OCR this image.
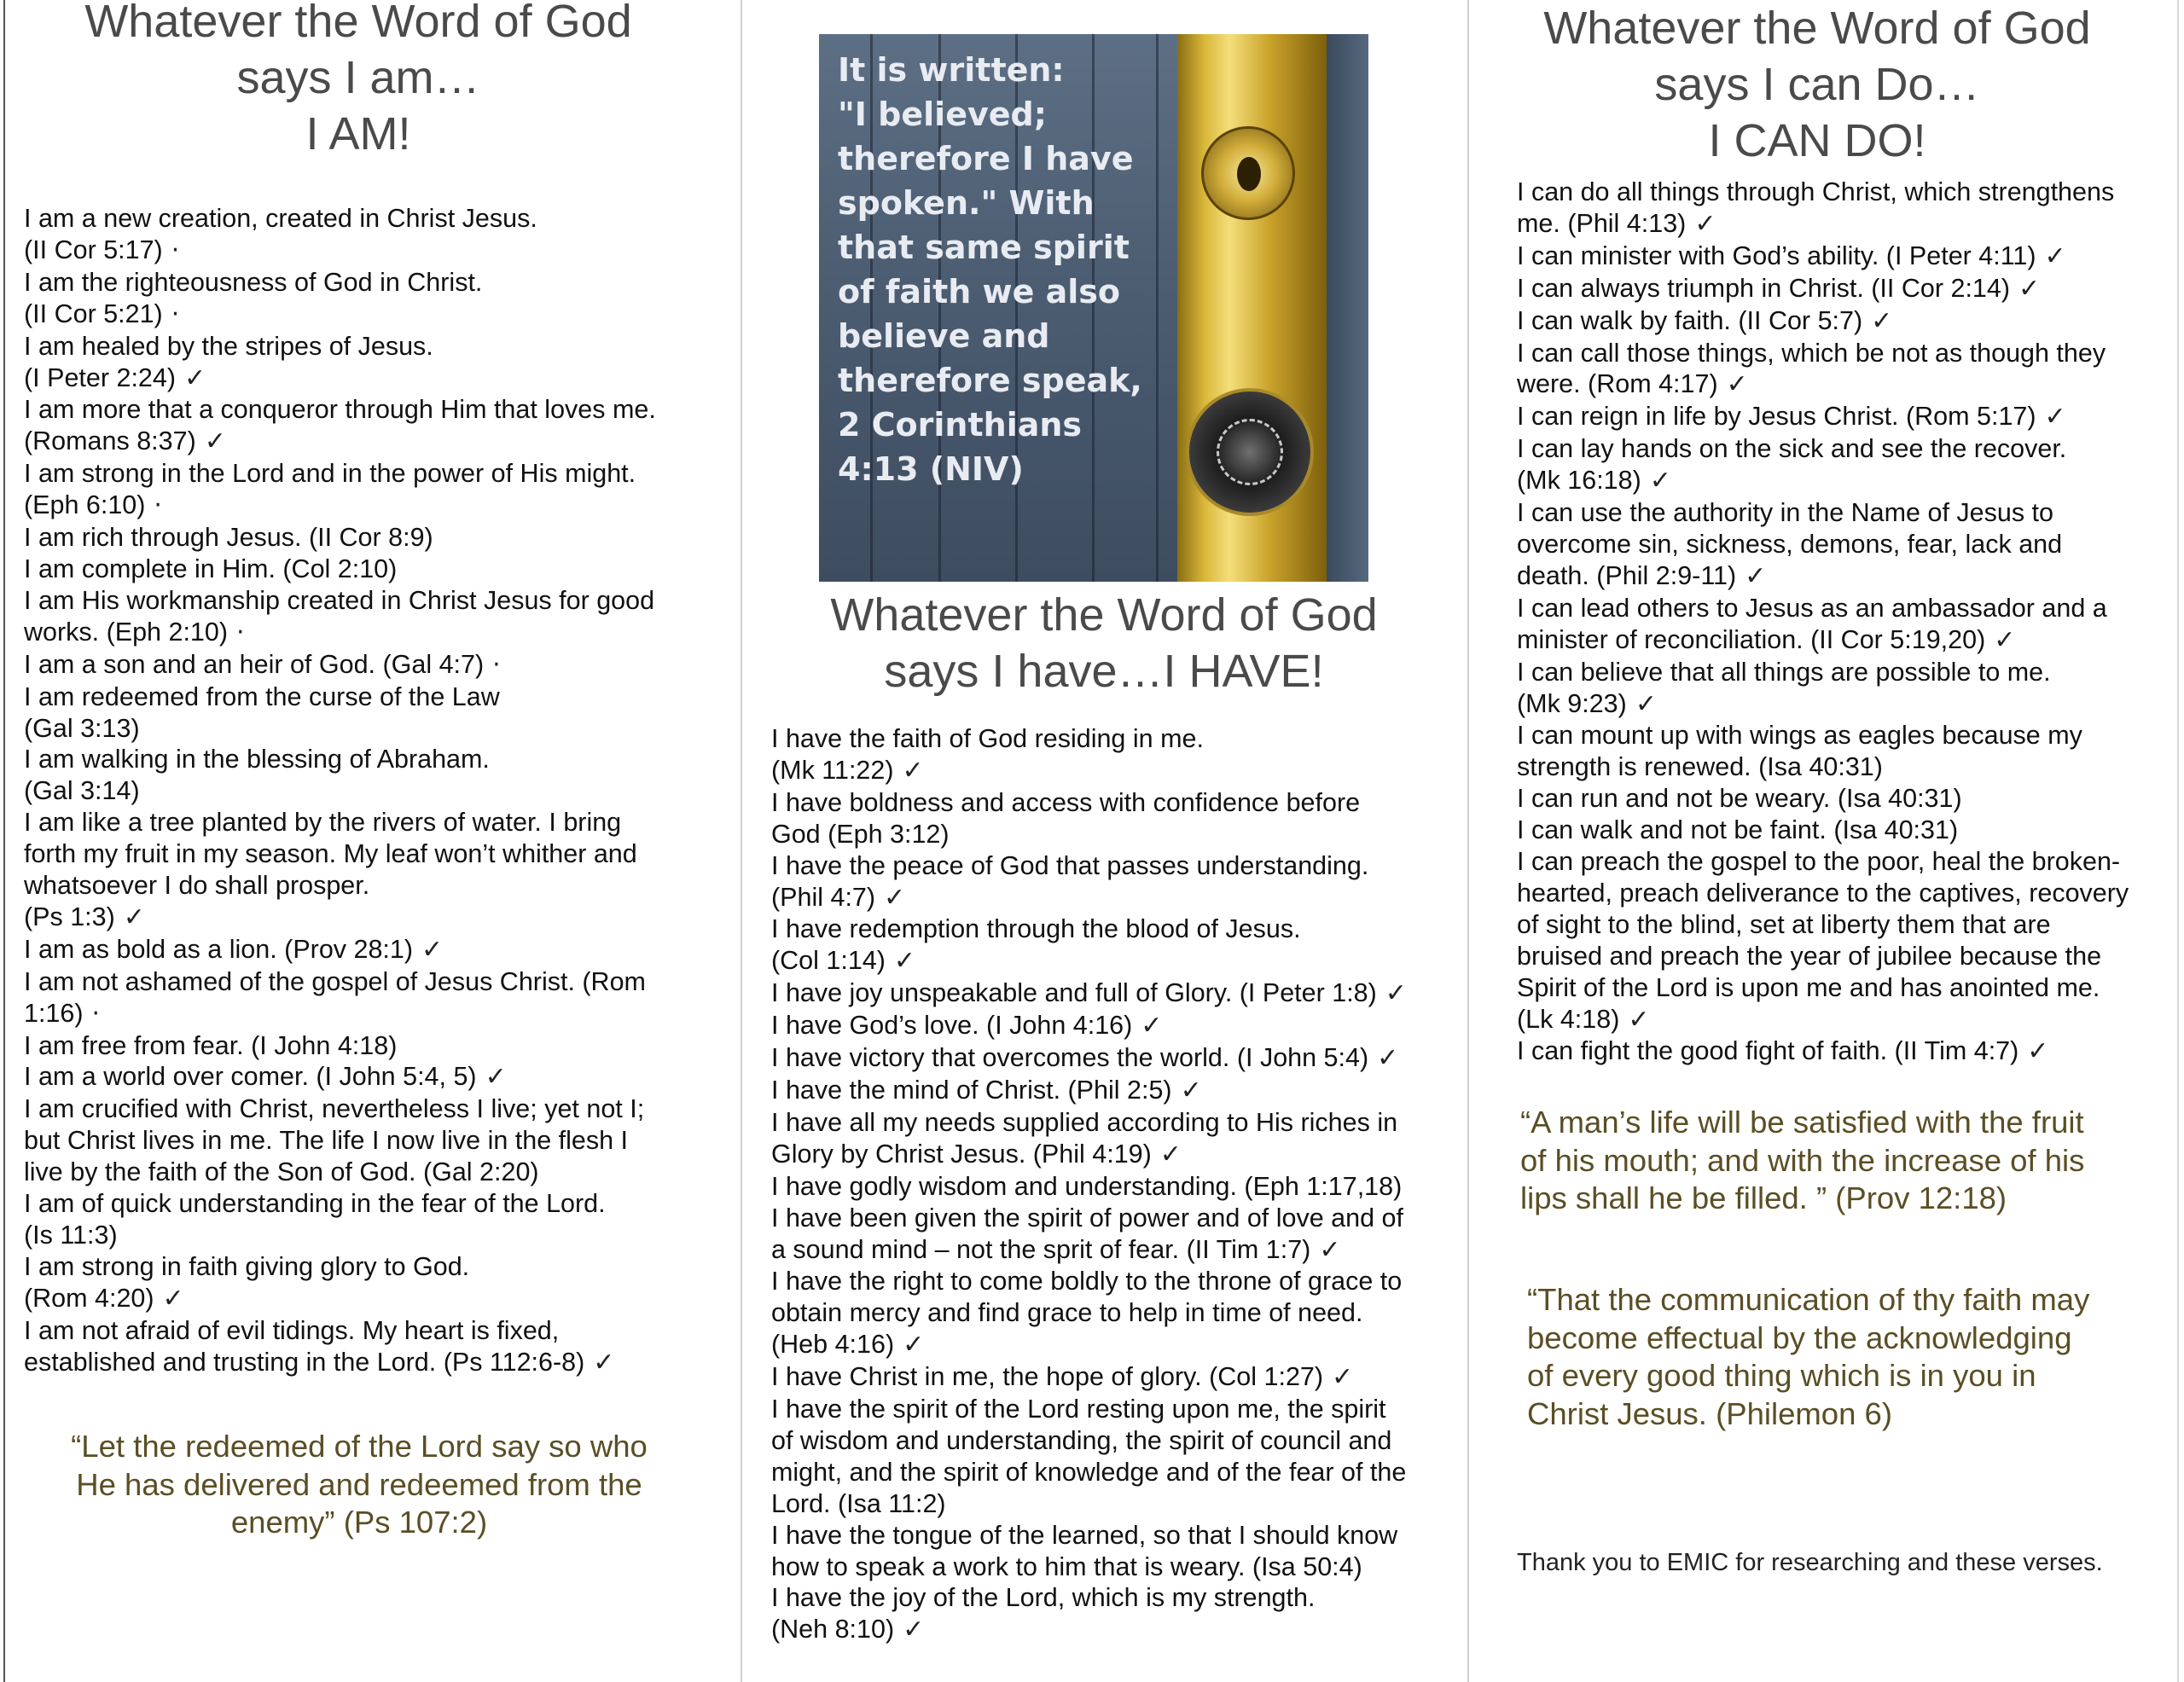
Whatever the Word of God
says I am…
I AM!
I am a new creation, created in Christ Jesus.
(II Cor 5:17) ·
I am the righteousness of God in Christ.
(II Cor 5:21) ·
I am healed by the stripes of Jesus.
(I Peter 2:24) ✓
I am more that a conqueror through Him that loves me.
(Romans 8:37) ✓
I am strong in the Lord and in the power of His might.
(Eph 6:10) ·
I am rich through Jesus. (II Cor 8:9)
I am complete in Him. (Col 2:10)
I am His workmanship created in Christ Jesus for good
works. (Eph 2:10) ·
I am a son and an heir of God. (Gal 4:7) ·
I am redeemed from the curse of the Law
(Gal 3:13)
I am walking in the blessing of Abraham.
(Gal 3:14)
I am like a tree planted by the rivers of water. I bring
forth my fruit in my season. My leaf won’t whither and
whatsoever I do shall prosper.
(Ps 1:3) ✓
I am as bold as a lion. (Prov 28:1) ✓
I am not ashamed of the gospel of Jesus Christ. (Rom
1:16) ·
I am free from fear. (I John 4:18)
I am a world over comer. (I John 5:4, 5) ✓
I am crucified with Christ, nevertheless I live; yet not I;
but Christ lives in me. The life I now live in the flesh I
live by the faith of the Son of God. (Gal 2:20)
I am of quick understanding in the fear of the Lord.
(Is 11:3)
I am strong in faith giving glory to God.
(Rom 4:20) ✓
I am not afraid of evil tidings. My heart is fixed,
established and trusting in the Lord. (Ps 112:6-8) ✓
“Let the redeemed of the Lord say so who
He has delivered and redeemed from the
enemy” (Ps 107:2)
It is written:
"I believed;
therefore I have
spoken." With
that same spirit
of faith we also
believe and
therefore speak,
2 Corinthians
4:13 (NIV)
Whatever the Word of God
says I have…I HAVE!
I have the faith of God residing in me.
(Mk 11:22) ✓
I have boldness and access with confidence before
God (Eph 3:12)
I have the peace of God that passes understanding.
(Phil 4:7) ✓
I have redemption through the blood of Jesus.
(Col 1:14) ✓
I have joy unspeakable and full of Glory. (I Peter 1:8) ✓
I have God’s love. (I John 4:16) ✓
I have victory that overcomes the world. (I John 5:4) ✓
I have the mind of Christ. (Phil 2:5) ✓
I have all my needs supplied according to His riches in
Glory by Christ Jesus. (Phil 4:19) ✓
I have godly wisdom and understanding. (Eph 1:17,18)
I have been given the spirit of power and of love and of
a sound mind – not the sprit of fear. (II Tim 1:7) ✓
I have the right to come boldly to the throne of grace to
obtain mercy and find grace to help in time of need.
(Heb 4:16) ✓
I have Christ in me, the hope of glory. (Col 1:27) ✓
I have the spirit of the Lord resting upon me, the spirit
of wisdom and understanding, the spirit of council and
might, and the spirit of knowledge and of the fear of the
Lord. (Isa 11:2)
I have the tongue of the learned, so that I should know
how to speak a work to him that is weary. (Isa 50:4)
I have the joy of the Lord, which is my strength.
(Neh 8:10) ✓
Whatever the Word of God
says I can Do…
I CAN DO!
I can do all things through Christ, which strengthens
me. (Phil 4:13) ✓
I can minister with God’s ability. (I Peter 4:11) ✓
I can always triumph in Christ. (II Cor 2:14) ✓
I can walk by faith. (II Cor 5:7) ✓
I can call those things, which be not as though they
were. (Rom 4:17) ✓
I can reign in life by Jesus Christ. (Rom 5:17) ✓
I can lay hands on the sick and see the recover.
(Mk 16:18) ✓
I can use the authority in the Name of Jesus to
overcome sin, sickness, demons, fear, lack and
death. (Phil 2:9-11) ✓
I can lead others to Jesus as an ambassador and a
minister of reconciliation. (II Cor 5:19,20) ✓
I can believe that all things are possible to me.
(Mk 9:23) ✓
I can mount up with wings as eagles because my
strength is renewed. (Isa 40:31)
I can run and not be weary. (Isa 40:31)
I can walk and not be faint. (Isa 40:31)
I can preach the gospel to the poor, heal the broken-
hearted, preach deliverance to the captives, recovery
of sight to the blind, set at liberty them that are
bruised and preach the year of jubilee because the
Spirit of the Lord is upon me and has anointed me.
(Lk 4:18) ✓
I can fight the good fight of faith. (II Tim 4:7) ✓
“A man’s life will be satisfied with the fruit
of his mouth; and with the increase of his
lips shall he be filled. ” (Prov 12:18)
“That the communication of thy faith may
become effectual by the acknowledging
of every good thing which is in you in
Christ Jesus. (Philemon 6)

Thank you to EMIC for researching and these verses.
